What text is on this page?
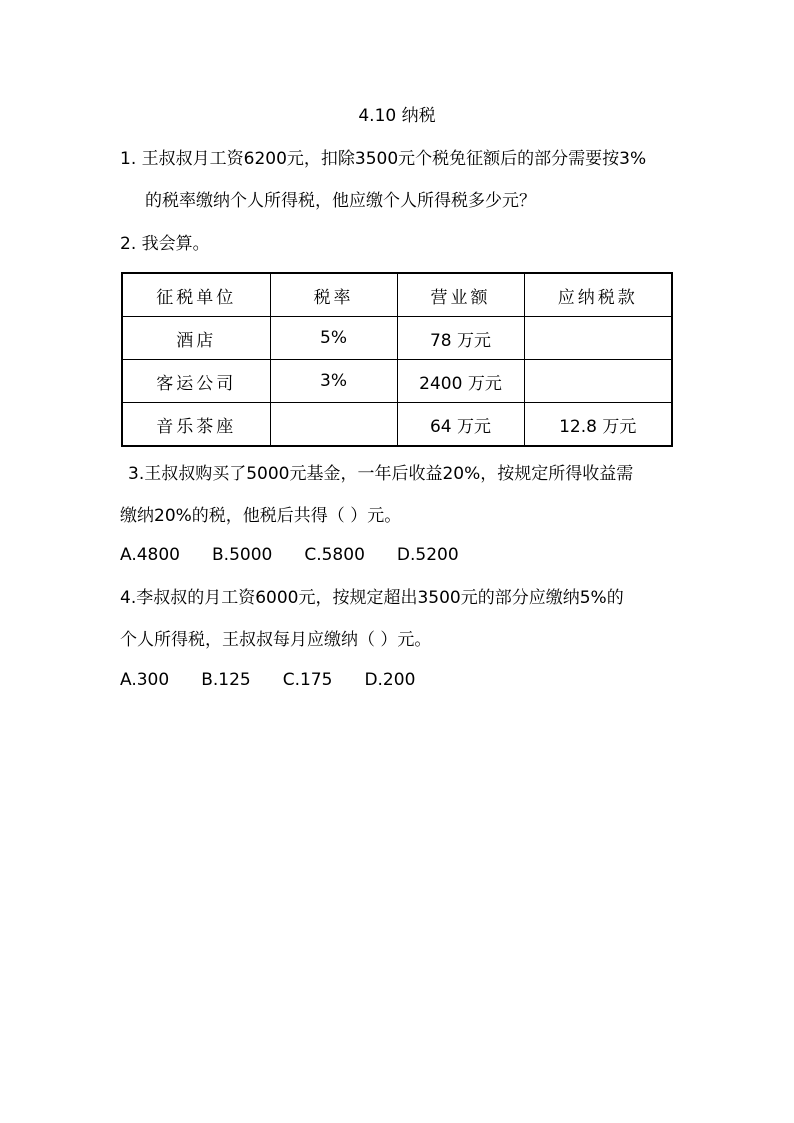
4.10 纳税
1. 王叔叔月工资6200元，扣除3500元个税免征额后的部分需要按3%
的税率缴纳个人所得税，他应缴个人所得税多少元？
2. 我会算。
征税单位	税率	营业额	应纳税款
酒店	5%	78 万元	
客运公司	3%	2400 万元	
音乐茶座		64 万元	12.8 万元
3.王叔叔购买了5000元基金，一年后收益20%，按规定所得收益需
缴纳20%的税，他税后共得（ ）元。
A.4800 B.5000 C.5800 D.5200
4.李叔叔的月工资6000元，按规定超出3500元的部分应缴纳5%的
个人所得税，王叔叔每月应缴纳（ ）元。
A.300 B.125 C.175 D.200
